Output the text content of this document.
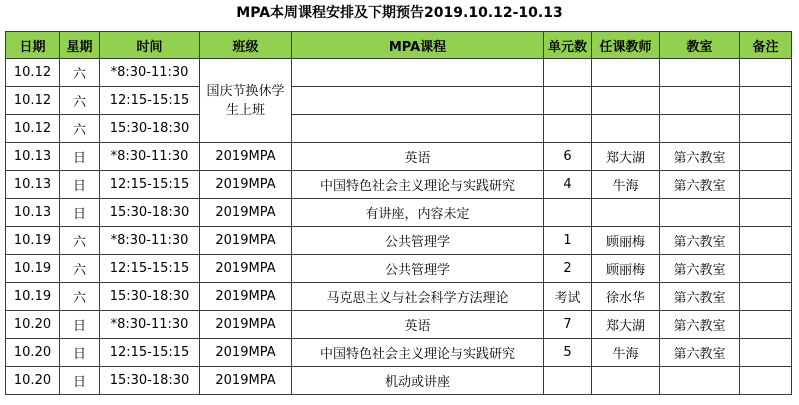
MPA本周课程安排及下期预告2019.10.12-10.13
日期	星期	时间	班级	MPA课程	单元数	任课教师	教室	备注
10.12	六	*8:30-11:30	国庆节换休学生上班					
10.12	六	12:15-15:15						
10.12	六	15:30-18:30						
10.13	日	*8:30-11:30	2019MPA	英语	6	郑大湖	第六教室	
10.13	日	12:15-15:15	2019MPA	中国特色社会主义理论与实践研究	4	牛海	第六教室	
10.13	日	15:30-18:30	2019MPA	有讲座，内容未定				
10.19	六	*8:30-11:30	2019MPA	公共管理学	1	顾丽梅	第六教室	
10.19	六	12:15-15:15	2019MPA	公共管理学	2	顾丽梅	第六教室	
10.19	六	15:30-18:30	2019MPA	马克思主义与社会科学方法理论	考试	徐水华	第六教室	
10.20	日	*8:30-11:30	2019MPA	英语	7	郑大湖	第六教室	
10.20	日	12:15-15:15	2019MPA	中国特色社会主义理论与实践研究	5	牛海	第六教室	
10.20	日	15:30-18:30	2019MPA	机动或讲座				
